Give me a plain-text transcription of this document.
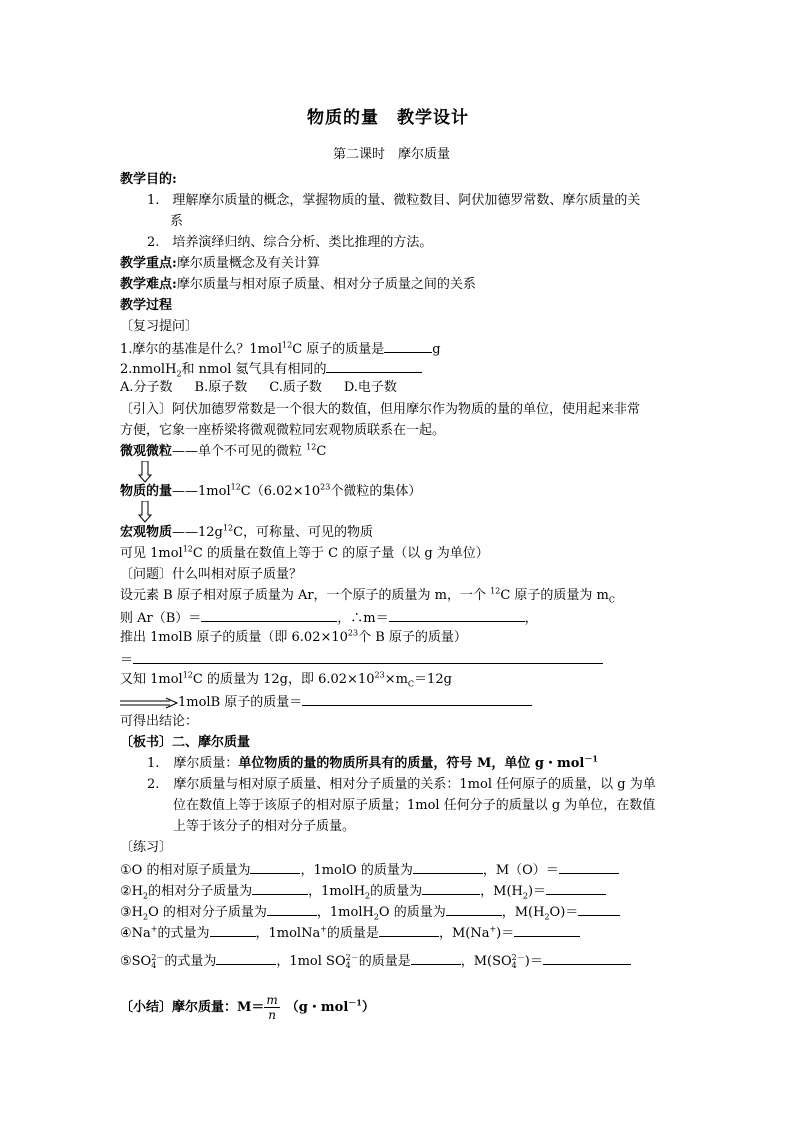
物质的量　教学设计
第二课时　摩尔质量
教学目的:
1.　理解摩尔质量的概念，掌握物质的量、微粒数目、阿伏加德罗常数、摩尔质量的关
系
2.　培养演绎归纳、综合分析、类比推理的方法。
教学重点:摩尔质量概念及有关计算
教学难点:摩尔质量与相对原子质量、相对分子质量之间的关系
教学过程
〔复习提问〕
1.摩尔的基准是什么？1mol$^{12}$C 原子的质量是	g
2.nmolH$_2$和 nmol 氦气具有相同的
A.分子数 B.原子数 C.质子数 D.电子数
〔引入〕阿伏加德罗常数是一个很大的数值，但用摩尔作为物质的量的单位，使用起来非常
方便，它象一座桥梁将微观微粒同宏观物质联系在一起。
微观微粒——单个不可见的微粒 $^{12}$C
物质的量$——1mol^{12}C(6.02\times 10^{23}$个微粒的集体）
宏观物质$——12g^{12}C$，可称量、可见的物质
可见 1mol$^{12}$C 的质量在数值上等于 C 的原子量（以 g 为单位）
〔问题〕什么叫相对原子质量？
设元素 B 原子相对原子质量为 Ar，一个原子的质量为 m，一个 $^{12}$C 原子的质量为 $m_C$
则 Ar（B）＝	，∴m＝	，
推出 1molB 原子的质量（即 $6.02\times 10^{23}$个 B 原子的质量）
＝
又知 1mol$^{12}$C 的质量为 12g，即 $6.02\times 10^{23}\times m_C=12g$
1molB 原子的质量＝
可得出结论：
〔板书〕二、摩尔质量
1. 摩尔质量：单位物质的量的物质所具有的质量，符号 M，单位 g・mol$^{-1}$
2. 摩尔质量与相对原子质量、相对分子质量的关系：1mol 任何原子的质量，以 g 为单
位在数值上等于该原子的相对原子质量；1mol 任何分子的质量以 g 为单位，在数值
上等于该分子的相对分子质量。
〔练习〕
①O 的相对原子质量为	，1molO 的质量为	，M（O）＝
$②H_2$的相对分子质量为	，1molH$_2$的质量为	，$M(H_2)=$
$③H_2O$ 的相对分子质量为	，1molH$_2$O 的质量为	，$M(H_2O)=$
④Na+的式量为	，1molNa+的质量是	，M(Na+)＝
⑤SO 2－
4 的式量为	，1mol SO 2－
4 的质量是	，M(SO 2－
4 )＝
〔小结〕摩尔质量：$M= \frac{m}{n} (g$・mol$^{-1}$）
